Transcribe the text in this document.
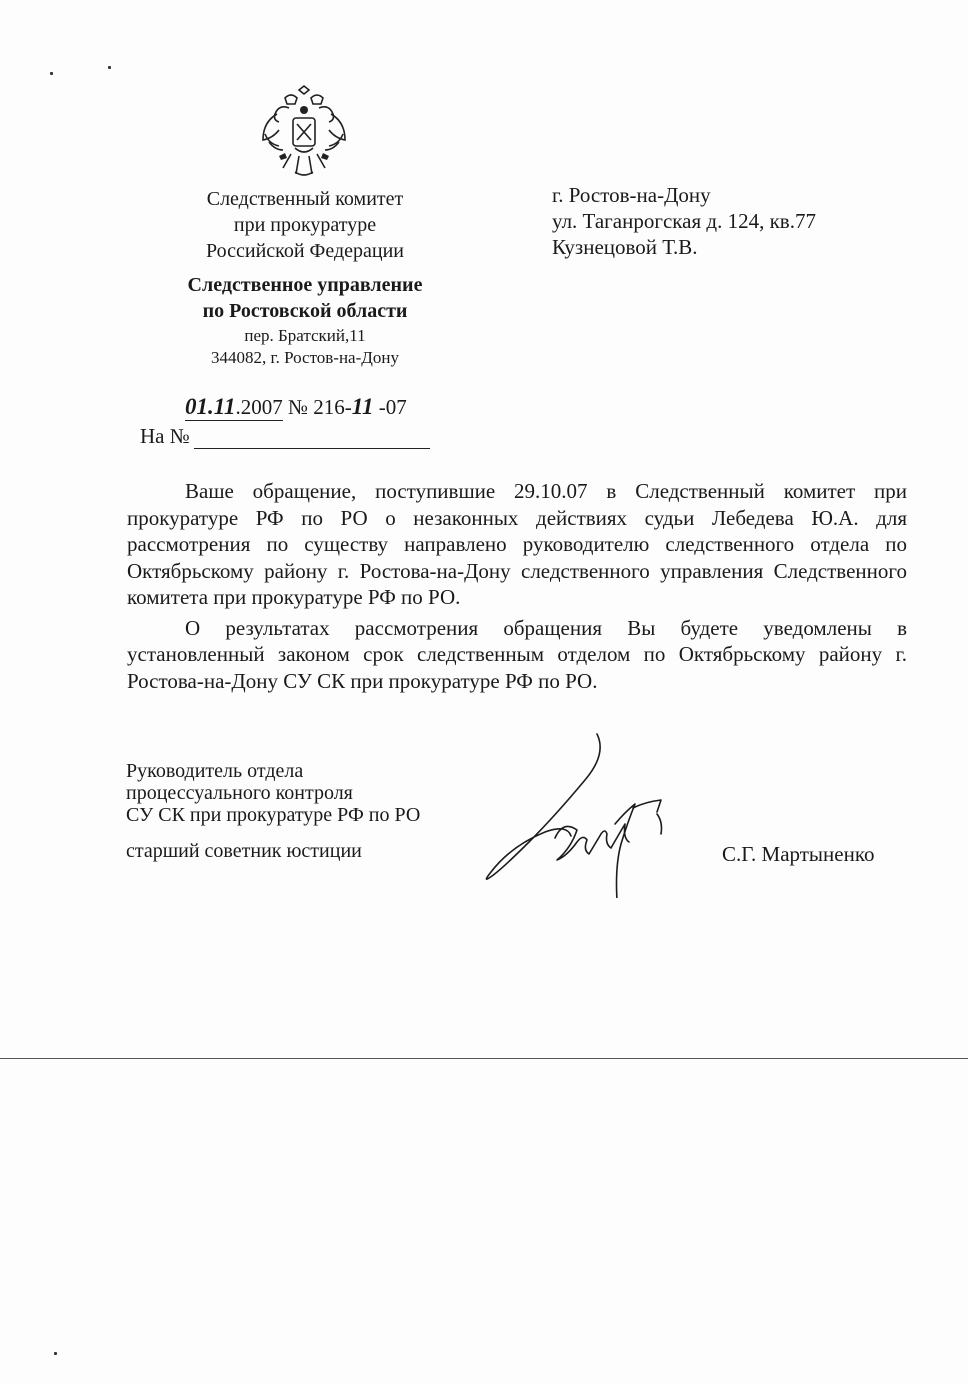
Следственный комитет
при прокуратуре
Российской Федерации
Следственное управление
по Ростовской области
пер. Братский,11
344082, г. Ростов-на-Дону
г. Ростов-на-Дону
ул. Таганрогская д. 124, кв.77
Кузнецовой Т.В.
01.11.2007 № 216-11 -07
На №

Ваше обращение, поступившие 29.10.07 в Следственный комитет при прокуратуре РФ по РО о незаконных действиях судьи Лебедева Ю.А. для рассмотрения по существу направлено руководителю следственного отдела по Октябрьскому району г. Ростова-на-Дону следственного управления Следственного комитета при прокуратуре РФ по РО.

О результатах рассмотрения обращения Вы будете уведомлены в установленный законом срок следственным отделом по Октябрьскому району г. Ростова-на-Дону СУ СК при прокуратуре РФ по РО.

Руководитель отдела
процессуального контроля
СУ СК при прокуратуре РФ по РО
старший советник юстиции	С.Г. Мартыненко
